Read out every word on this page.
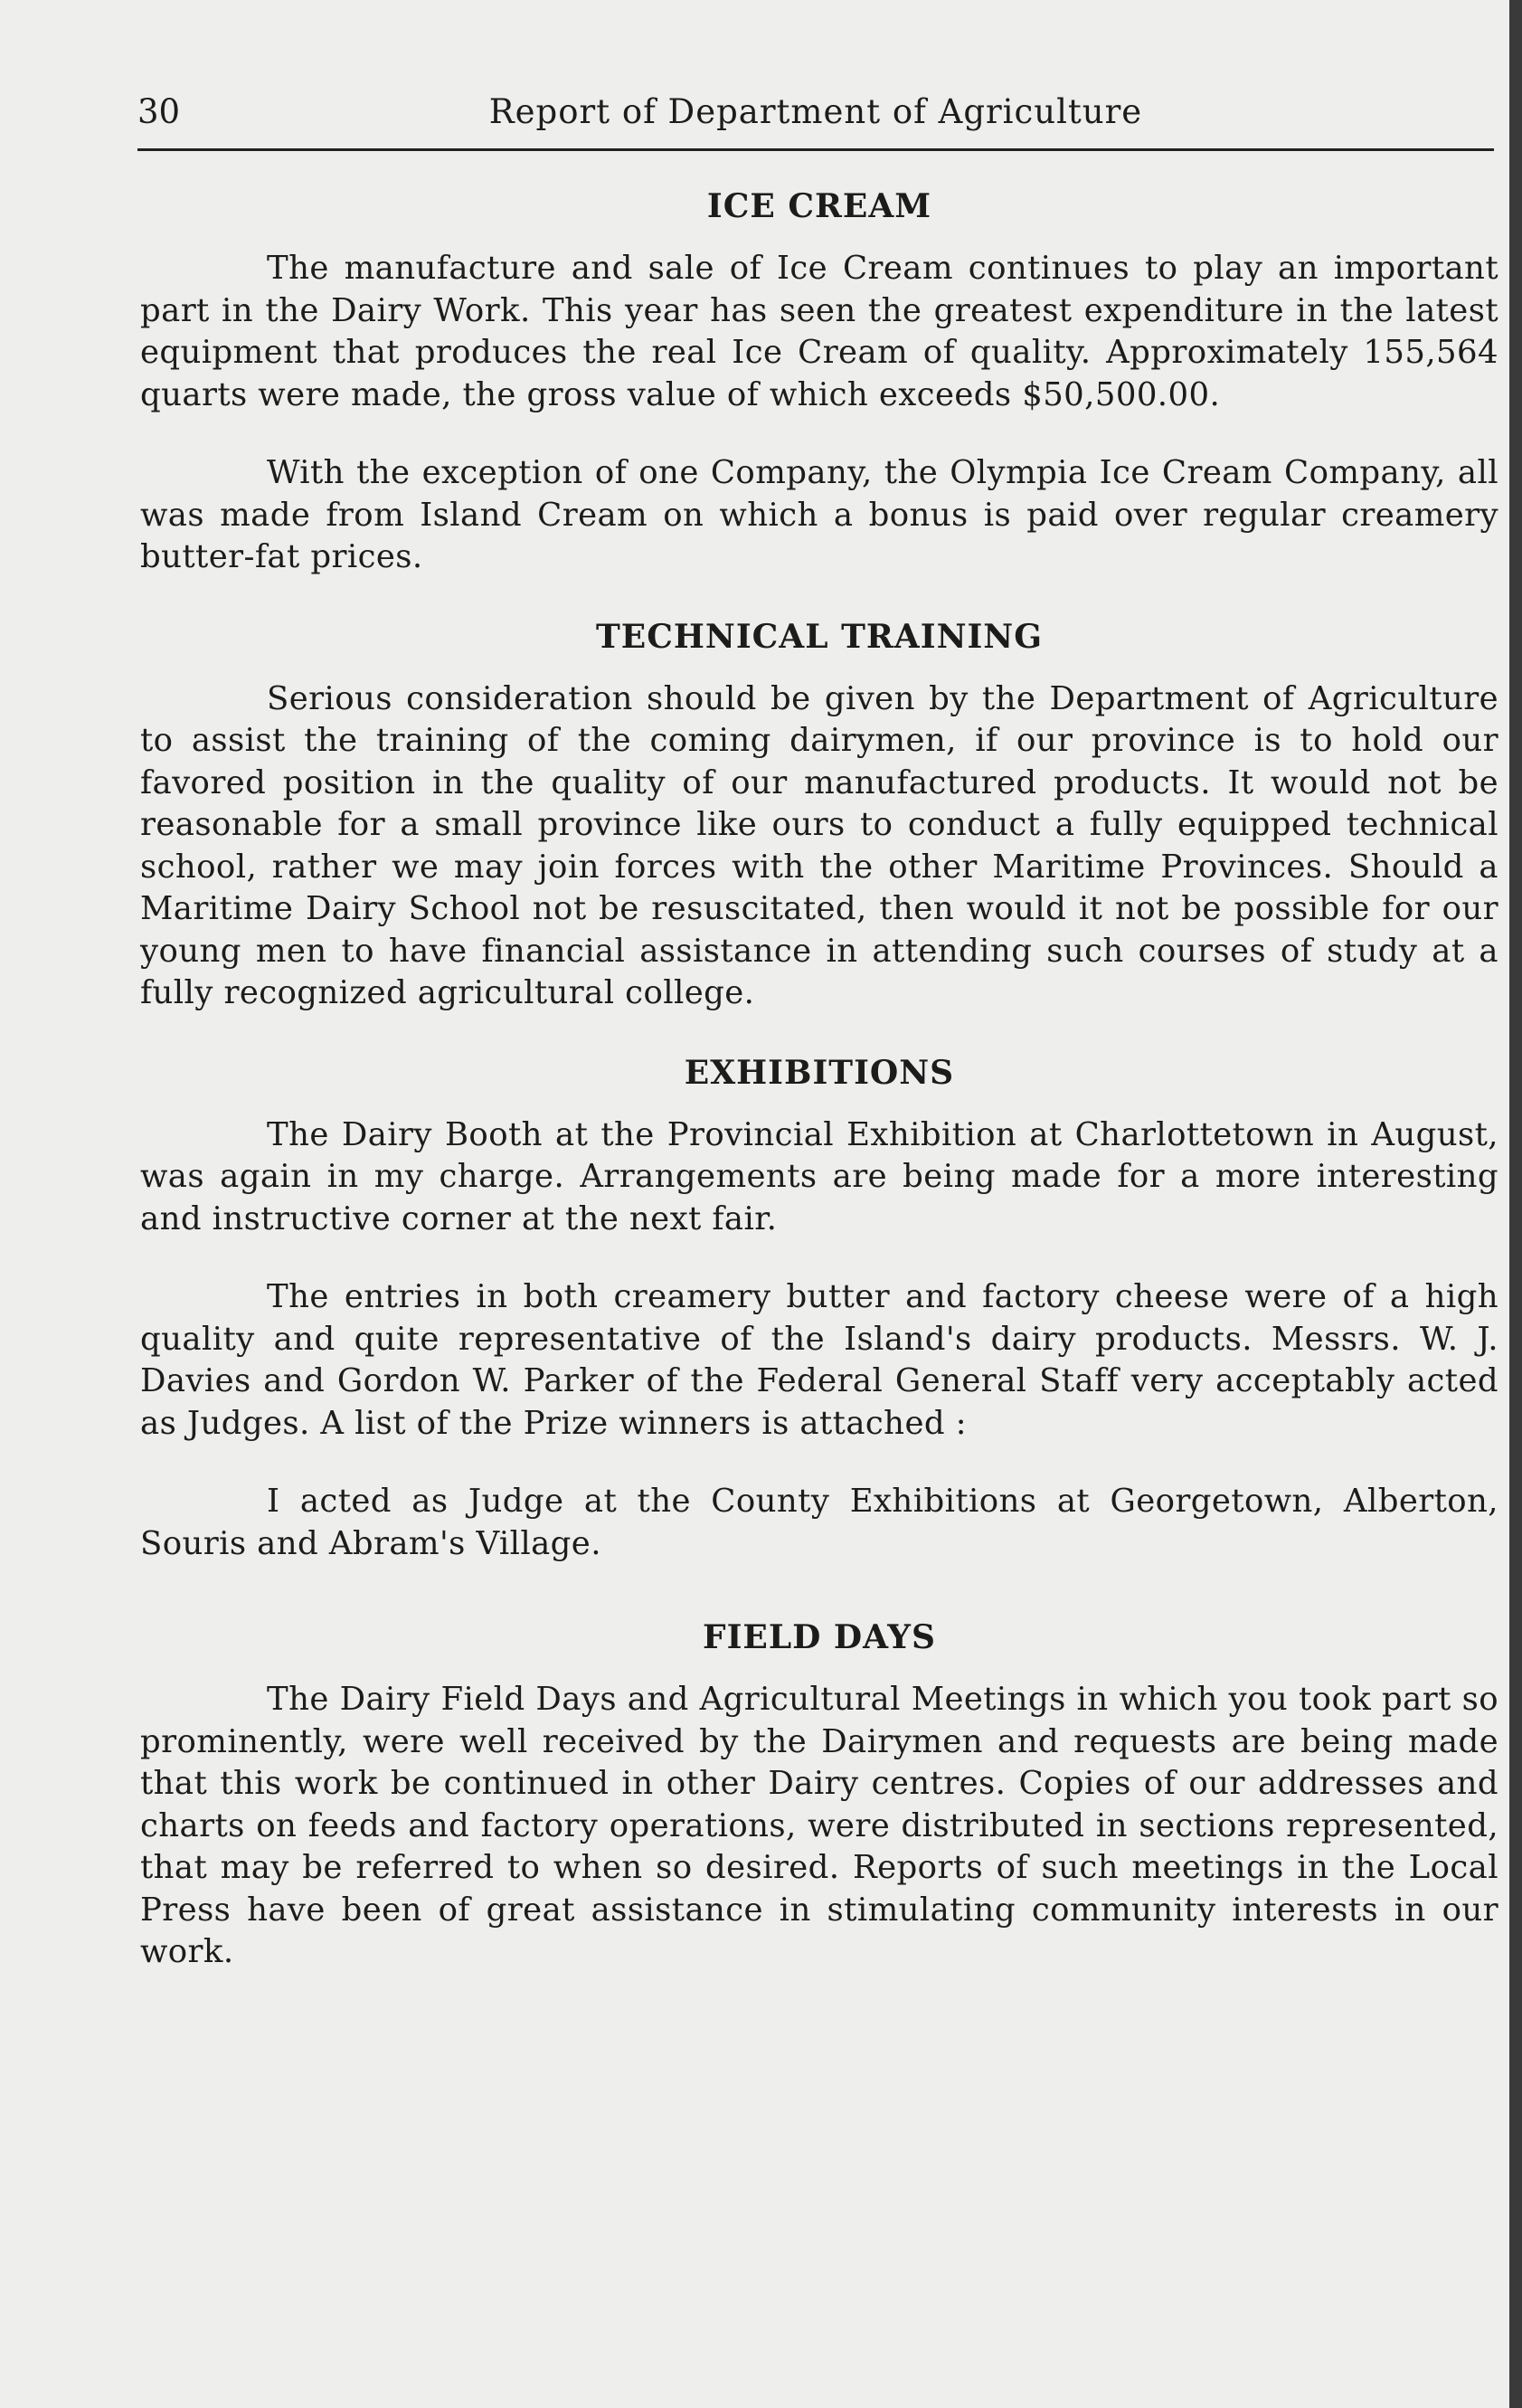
30	Report of Department of Agriculture
ICE CREAM

The manufacture and sale of Ice Cream continues to play an important part in the Dairy Work. This year has seen the greatest expenditure in the latest equipment that produces the real Ice Cream of quality. Approximately 155,564 quarts were made, the gross value of which exceeds $50,500.00.

With the exception of one Company, the Olympia Ice Cream Company, all was made from Island Cream on which a bonus is paid over regular creamery butter-fat prices.

TECHNICAL TRAINING

Serious consideration should be given by the Department of Agriculture to assist the training of the coming dairymen, if our province is to hold our favored position in the quality of our manufactured products. It would not be reasonable for a small province like ours to conduct a fully equipped technical school, rather we may join forces with the other Maritime Provinces. Should a Maritime Dairy School not be resuscitated, then would it not be possible for our young men to have financial assistance in attending such courses of study at a fully recognized agricultural college.

EXHIBITIONS

The Dairy Booth at the Provincial Exhibition at Charlottetown in August, was again in my charge. Arrangements are being made for a more interesting and instructive corner at the next fair.

The entries in both creamery butter and factory cheese were of a high quality and quite representative of the Island's dairy products. Messrs. W. J. Davies and Gordon W. Parker of the Federal General Staff very acceptably acted as Judges. A list of the Prize winners is attached :

I acted as Judge at the County Exhibitions at Georgetown, Alberton, Souris and Abram's Village.

FIELD DAYS

The Dairy Field Days and Agricultural Meetings in which you took part so prominently, were well received by the Dairymen and requests are being made that this work be continued in other Dairy centres. Copies of our addresses and charts on feeds and factory operations, were distributed in sections represented, that may be referred to when so desired. Reports of such meetings in the Local Press have been of great assistance in stimulating community interests in our work.
